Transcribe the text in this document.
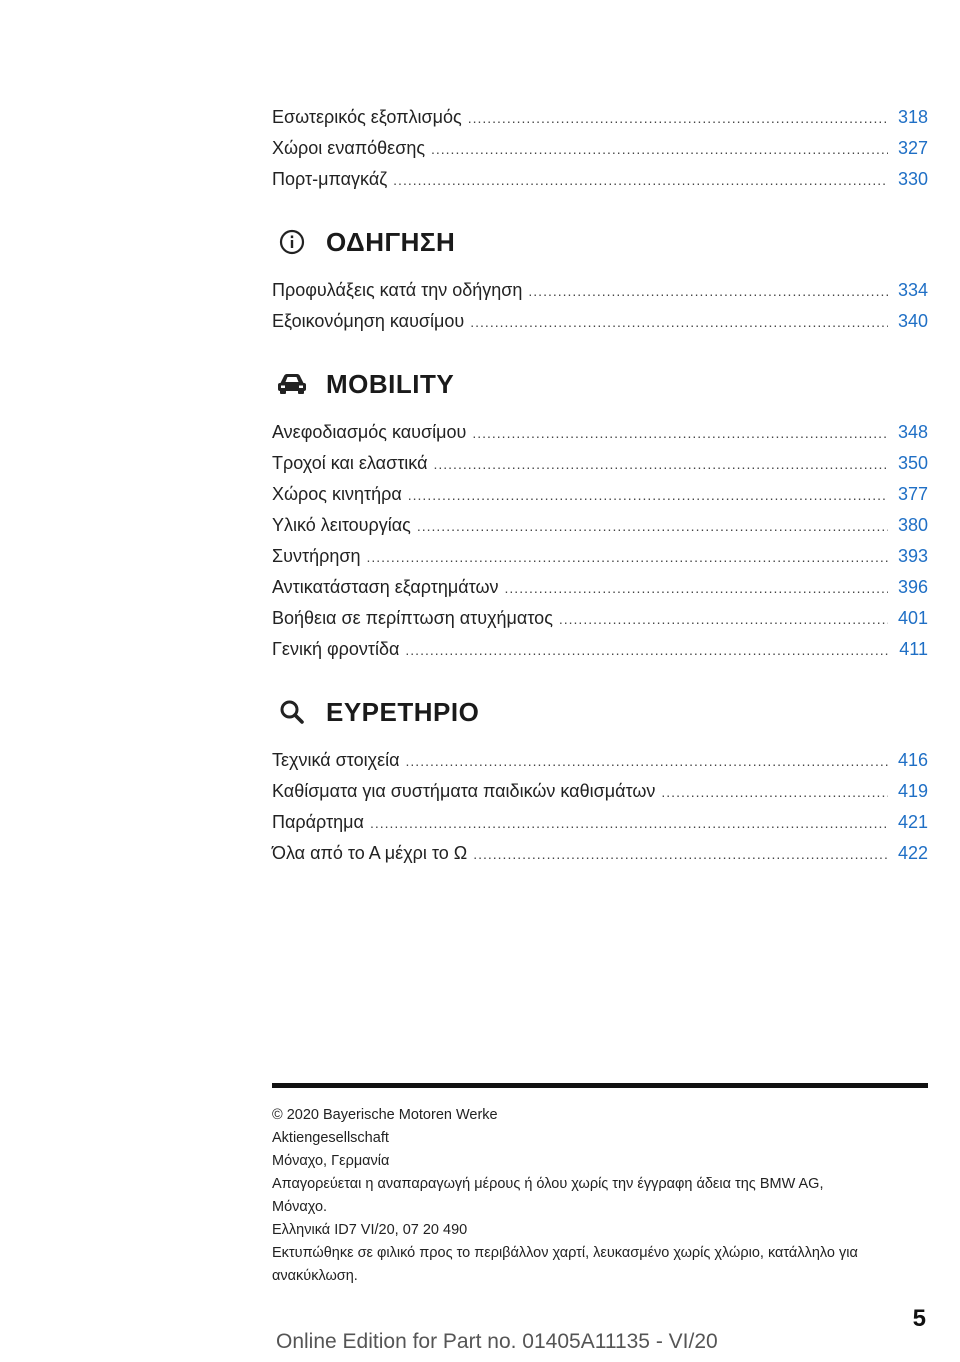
Εσωτερικός εξοπλισμός .....	318
Χώροι εναπόθεσης .....	327
Πορτ-μπαγκάζ .....	330
ΟΔΗΓΗΣΗ
Προφυλάξεις κατά την οδήγηση .....	334
Εξοικονόμηση καυσίμου .....	340
MOBILITY
Ανεφοδιασμός καυσίμου .....	348
Τροχοί και ελαστικά .....	350
Χώρος κινητήρα .....	377
Υλικό λειτουργίας .....	380
Συντήρηση .....	393
Αντικατάσταση εξαρτημάτων .....	396
Βοήθεια σε περίπτωση ατυχήματος .....	401
Γενική φροντίδα .....	411
ΕΥΡΕΤΗΡΙΟ
Τεχνικά στοιχεία .....	416
Καθίσματα για συστήματα παιδικών καθισμάτων .....	419
Παράρτημα .....	421
Όλα από το Α μέχρι το Ω .....	422
© 2020 Bayerische Motoren Werke
Aktiengesellschaft
Μόναχο, Γερμανία
Απαγορεύεται η αναπαραγωγή μέρους ή όλου χωρίς την έγγραφη άδεια της BMW AG,
Μόναχο.
Ελληνικά ID7 VI/20, 07 20 490
Εκτυπώθηκε σε φιλικό προς το περιβάλλον χαρτί, λευκασμένο χωρίς χλώριο, κατάλληλο για
ανακύκλωση.
5
Online Edition for Part no. 01405A11135 - VI/20
